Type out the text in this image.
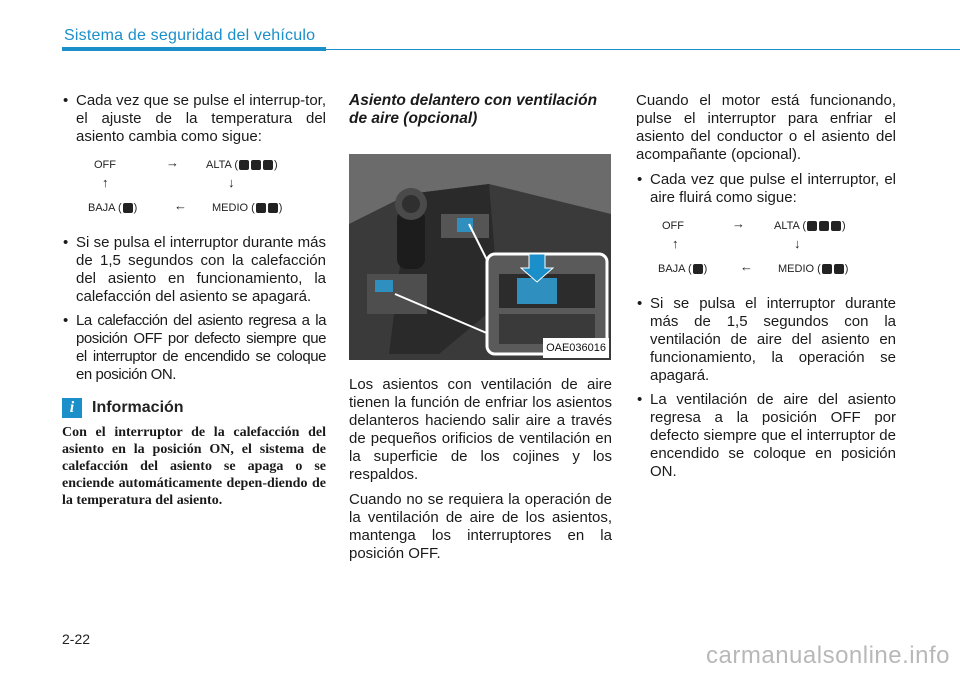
Sistema de seguridad del vehículo

• Cada vez que se pulse el interrup-tor, el ajuste de la temperatura del asiento cambia como sigue:

OFF	→ ALTA (	)
↑	↓
BAJA ( )	← MEDIO ( )

• Si se pulsa el interruptor durante más de 1,5 segundos con la calefacción del asiento en funcionamiento, la calefacción del asiento se apagará.

• La calefacción del asiento regresa a la posición OFF por defecto siempre que el interruptor de encendido se coloque en posición ON.

i	Información
Con el interruptor de la calefacción del asiento en la posición ON, el sistema de calefacción del asiento se apaga o se enciende automáticamente depen-diendo de la temperatura del asiento.
Asiento delantero con ventilación de aire (opcional)
OAE036016

Los asientos con ventilación de aire tienen la función de enfriar los asientos delanteros haciendo salir aire a través de pequeños orificios de ventilación en la superficie de los cojines y los respaldos.

Cuando no se requiera la operación de la ventilación de aire de los asientos, mantenga los interruptores en la posición OFF.

Cuando el motor está funcionando, pulse el interruptor para enfriar el asiento del conductor o el asiento del acompañante (opcional).

• Cada vez que pulse el interruptor, el aire fluirá como sigue:

OFF	→	ALTA (	)
↑	↓
BAJA ( )	← MEDIO ( )

• Si se pulsa el interruptor durante más de 1,5 segundos con la ventilación de aire del asiento en funcionamiento, la operación se apagará.

• La ventilación de aire del asiento regresa a la posición OFF por defecto siempre que el interruptor de encendido se coloque en posición ON.

2-22
carmanualsonline.info
